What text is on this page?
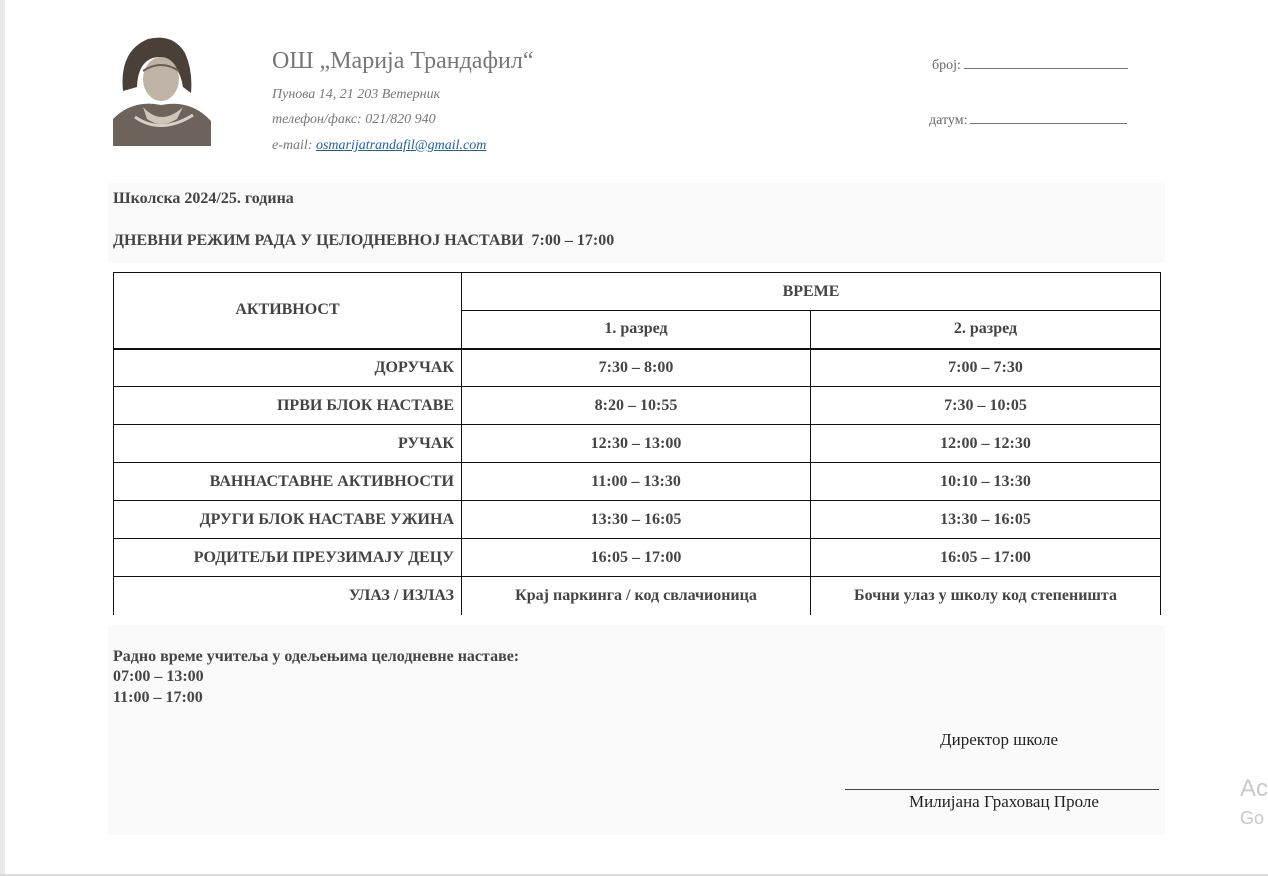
ОШ „Марија Трандафил“
Пунова 14, 21 203 Ветерник
телефон/факс: 021/820 940
e-mail: osmarijatrandafil@gmail.com
број:
датум:
Школска 2024/25. година
ДНЕВНИ РЕЖИМ РАДА У ЦЕЛОДНЕВНОЈ НАСТАВИ  7:00 – 17:00
АКТИВНОСТ	ВРЕМЕ	
	1. разред	2. разред
ДОРУЧАК	7:30 – 8:00	7:00 – 7:30
ПРВИ БЛОК НАСТАВЕ	8:20 – 10:55	7:30 – 10:05
РУЧАК	12:30 – 13:00	12:00 – 12:30
ВАННАСТАВНЕ АКТИВНОСТИ	11:00 – 13:30	10:10 – 13:30
ДРУГИ БЛОК НАСТАВЕ УЖИНА	13:30 – 16:05	13:30 – 16:05
РОДИТЕЉИ ПРЕУЗИМАЈУ ДЕЦУ	16:05 – 17:00	16:05 – 17:00
УЛАЗ / ИЗЛАЗ	Крај паркинга / код свлачионица	Бочни улаз у школу код степеништа
Радно време учитеља у одељењима целодневне наставе:
07:00 – 13:00
11:00 – 17:00
Директор школе
Милијана Граховац Проле	Ac
Go
